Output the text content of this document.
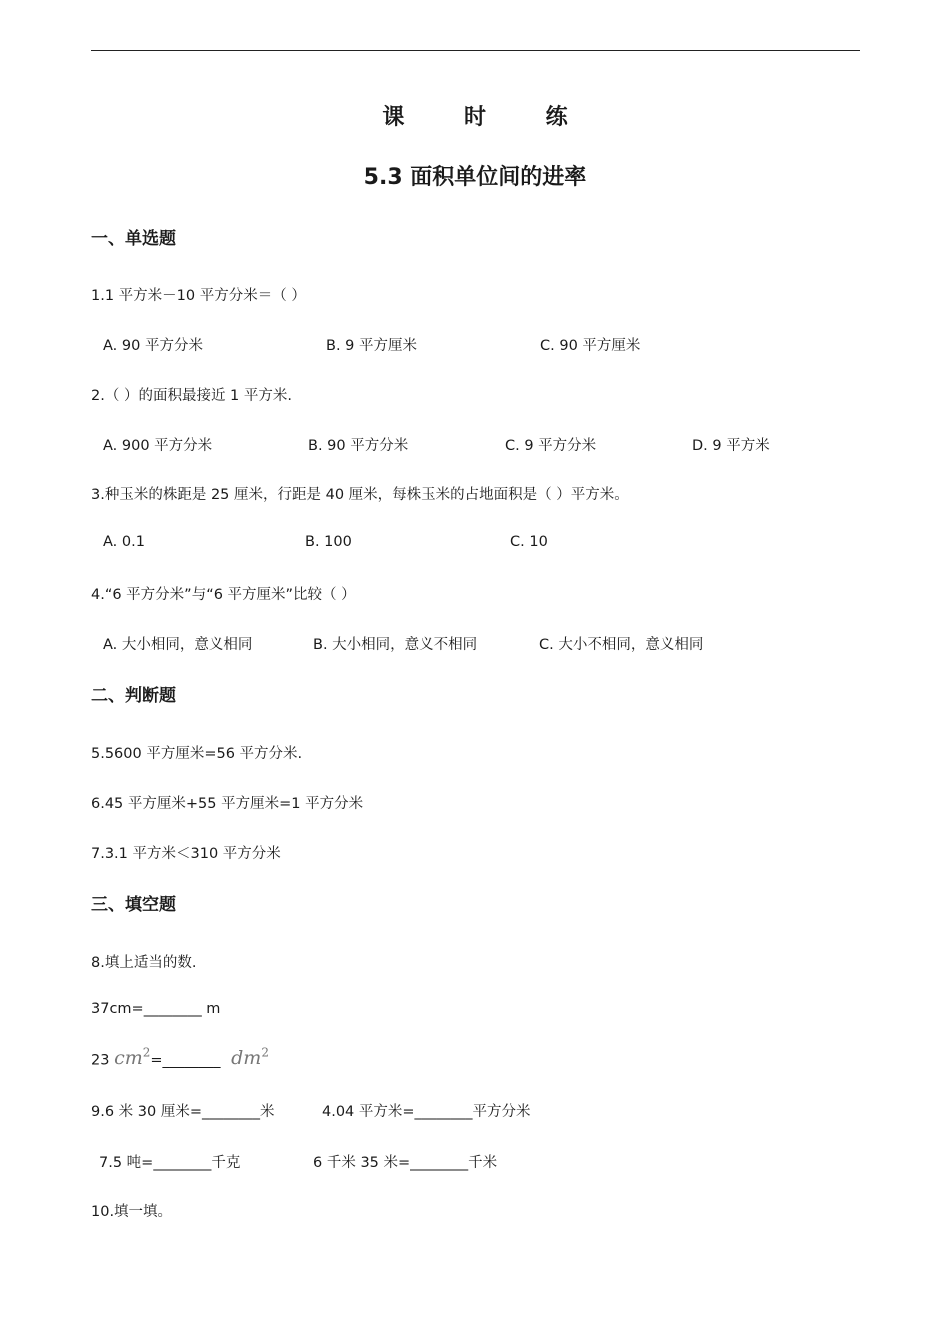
课 时 练
5.3 面积单位间的进率
一、单选题
1.1 平方米－10 平方分米＝（ ）
A. 90 平方分米	B. 9 平方厘米	C. 90 平方厘米
2.（ ）的面积最接近 1 平方米.
A. 900 平方分米	B. 90 平方分米	C. 9 平方分米	D. 9 平方米
3.种玉米的株距是 25 厘米，行距是 40 厘米，每株玉米的占地面积是（ ）平方米。
A. 0.1	B. 100	C. 10
4.“6 平方分米”与“6 平方厘米”比较（ ）
A. 大小相同，意义相同	B. 大小相同，意义不相同	C. 大小不相同，意义相同
二、判断题
5.5600 平方厘米=56 平方分米.
6.45 平方厘米+55 平方厘米=1 平方分米
7.3.1 平方米＜310 平方分米
三、填空题
8.填上适当的数.
37cm=________ m
23 $cm^2=\_\_\_\_\_\_\_\_$ $dm^2$
9.6 米 30 厘米=________米	4.04 平方米=________平方分米
7.5 吨=________千克	6 千米 35 米=________千米
10.填一填。
